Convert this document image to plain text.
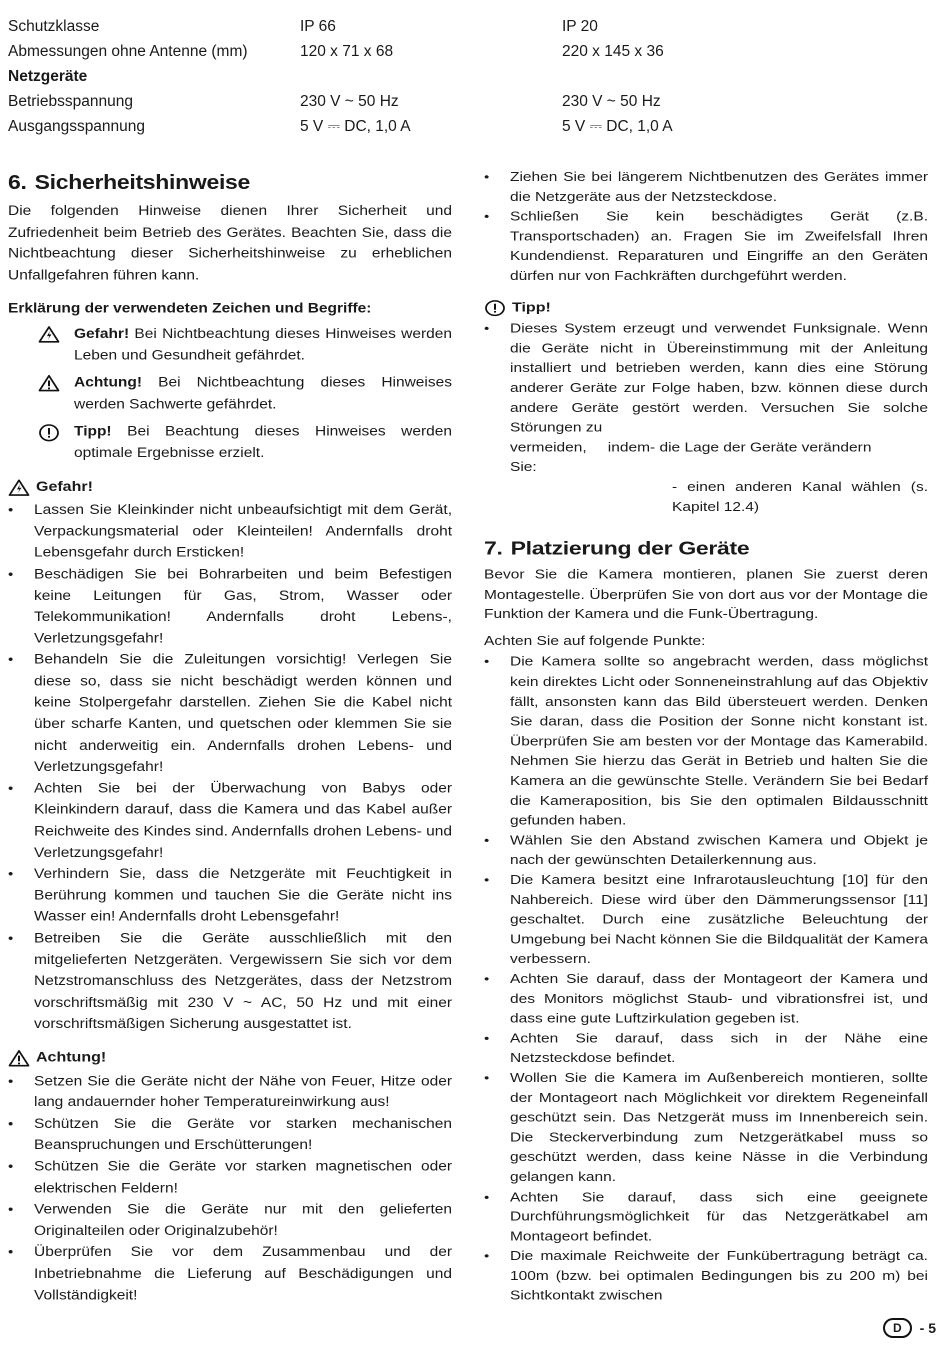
Schutzklasse	IP 66	IP 20
Abmessungen ohne Antenne (mm)	120 x 71 x 68	220 x 145 x 36
Netzgeräte
Betriebsspannung	230 V ~ 50 Hz	230 V ~ 50 Hz
Ausgangsspannung	5 V ⎓ DC, 1,0 A	5 V ⎓ DC, 1,0 A
6. Sicherheitshinweise

Die folgenden Hinweise dienen Ihrer Sicherheit und Zufriedenheit beim Betrieb des Gerätes. Beachten Sie, dass die Nichtbeachtung dieser Sicherheitshinweise zu erheblichen Unfallgefahren führen kann.

Erklärung der verwendeten Zeichen und Begriffe:
Gefahr! Bei Nichtbeachtung dieses Hinweises werden Leben und Gesundheit gefährdet.
Achtung! Bei Nichtbeachtung dieses Hinweises werden Sachwerte gefährdet.
Tipp! Bei Beachtung dieses Hinweises werden optimale Ergebnisse erzielt.
Gefahr!
• Lassen Sie Kleinkinder nicht unbeaufsichtigt mit dem Gerät, Verpackungsmaterial oder Kleinteilen! Andernfalls droht Lebensgefahr durch Ersticken!
• Beschädigen Sie bei Bohrarbeiten und beim Befestigen keine Leitungen für Gas, Strom, Wasser oder Telekommunikation! Andernfalls droht Lebens-, Verletzungsgefahr!
• Behandeln Sie die Zuleitungen vorsichtig! Verlegen Sie diese so, dass sie nicht beschädigt werden können und keine Stolpergefahr darstellen. Ziehen Sie die Kabel nicht über scharfe Kanten, und quetschen oder klemmen Sie sie nicht anderweitig ein. Andernfalls drohen Lebens- und Verletzungsgefahr!
• Achten Sie bei der Überwachung von Babys oder Kleinkindern darauf, dass die Kamera und das Kabel außer Reichweite des Kindes sind. Andernfalls drohen Lebens- und Verletzungsgefahr!
• Verhindern Sie, dass die Netzgeräte mit Feuchtigkeit in Berührung kommen und tauchen Sie die Geräte nicht ins Wasser ein! Andernfalls droht Lebensgefahr!
• Betreiben Sie die Geräte ausschließlich mit den mitgelieferten Netzgeräten. Vergewissern Sie sich vor dem Netzstromanschluss des Netzgerätes, dass der Netzstrom vorschriftsmäßig mit 230 V ~ AC, 50 Hz und mit einer vorschriftsmäßigen Sicherung ausgestattet ist.
Achtung!
• Setzen Sie die Geräte nicht der Nähe von Feuer, Hitze oder lang andauernder hoher Temperatureinwirkung aus!
• Schützen Sie die Geräte vor starken mechanischen Beanspruchungen und Erschütterungen!
• Schützen Sie die Geräte vor starken magnetischen oder elektrischen Feldern!
• Verwenden Sie die Geräte nur mit den gelieferten Originalteilen oder Originalzubehör!
• Überprüfen Sie vor dem Zusammenbau und der Inbetriebnahme die Lieferung auf Beschädigungen und Vollständigkeit!
• Ziehen Sie bei längerem Nichtbenutzen des Gerätes immer die Netzgeräte aus der Netzsteckdose.
• Schließen Sie kein beschädigtes Gerät (z.B. Transportschaden) an. Fragen Sie im Zweifelsfall Ihren Kundendienst. Reparaturen und Eingriffe an den Geräten dürfen nur von Fachkräften durchgeführt werden.
Tipp!
• Dieses System erzeugt und verwendet Funksignale. Wenn die Geräte nicht in Übereinstimmung mit der Anleitung installiert und betrieben werden, kann dies eine Störung anderer Geräte zur Folge haben, bzw. können diese durch andere Geräte gestört werden. Versuchen Sie solche Störungen zu
vermeiden, indem Sie:
- die Lage der Geräte verändern
- einen anderen Kanal wählen (s. Kapitel 12.4)
7. Platzierung der Geräte

Bevor Sie die Kamera montieren, planen Sie zuerst deren Montagestelle. Überprüfen Sie von dort aus vor der Montage die Funktion der Kamera und die Funk-Übertragung.

Achten Sie auf folgende Punkte:
• Die Kamera sollte so angebracht werden, dass möglichst kein direktes Licht oder Sonneneinstrahlung auf das Objektiv fällt, ansonsten kann das Bild übersteuert werden. Denken Sie daran, dass die Position der Sonne nicht konstant ist. Überprüfen Sie am besten vor der Montage das Kamerabild. Nehmen Sie hierzu das Gerät in Betrieb und halten Sie die Kamera an die gewünschte Stelle. Verändern Sie bei Bedarf die Kameraposition, bis Sie den optimalen Bildausschnitt gefunden haben.
• Wählen Sie den Abstand zwischen Kamera und Objekt je nach der gewünschten Detailerkennung aus.
• Die Kamera besitzt eine Infrarotausleuchtung [10] für den Nahbereich. Diese wird über den Dämmerungssensor [11] geschaltet. Durch eine zusätzliche Beleuchtung der Umgebung bei Nacht können Sie die Bildqualität der Kamera verbessern.
• Achten Sie darauf, dass der Montageort der Kamera und des Monitors möglichst Staub- und vibrationsfrei ist, und dass eine gute Luftzirkulation gegeben ist.
• Achten Sie darauf, dass sich in der Nähe eine Netzsteckdose befindet.
• Wollen Sie die Kamera im Außenbereich montieren, sollte der Montageort nach Möglichkeit vor direktem Regeneinfall geschützt sein. Das Netzgerät muss im Innenbereich sein. Die Steckerverbindung zum Netzgerätkabel muss so geschützt werden, dass keine Nässe in die Verbindung gelangen kann.
• Achten Sie darauf, dass sich eine geeignete Durchführungsmöglichkeit für das Netzgerätkabel am Montageort befindet.
• Die maximale Reichweite der Funkübertragung beträgt ca. 100m (bzw. bei optimalen Bedingungen bis zu 200 m) bei Sichtkontakt zwischen
D	- 5
